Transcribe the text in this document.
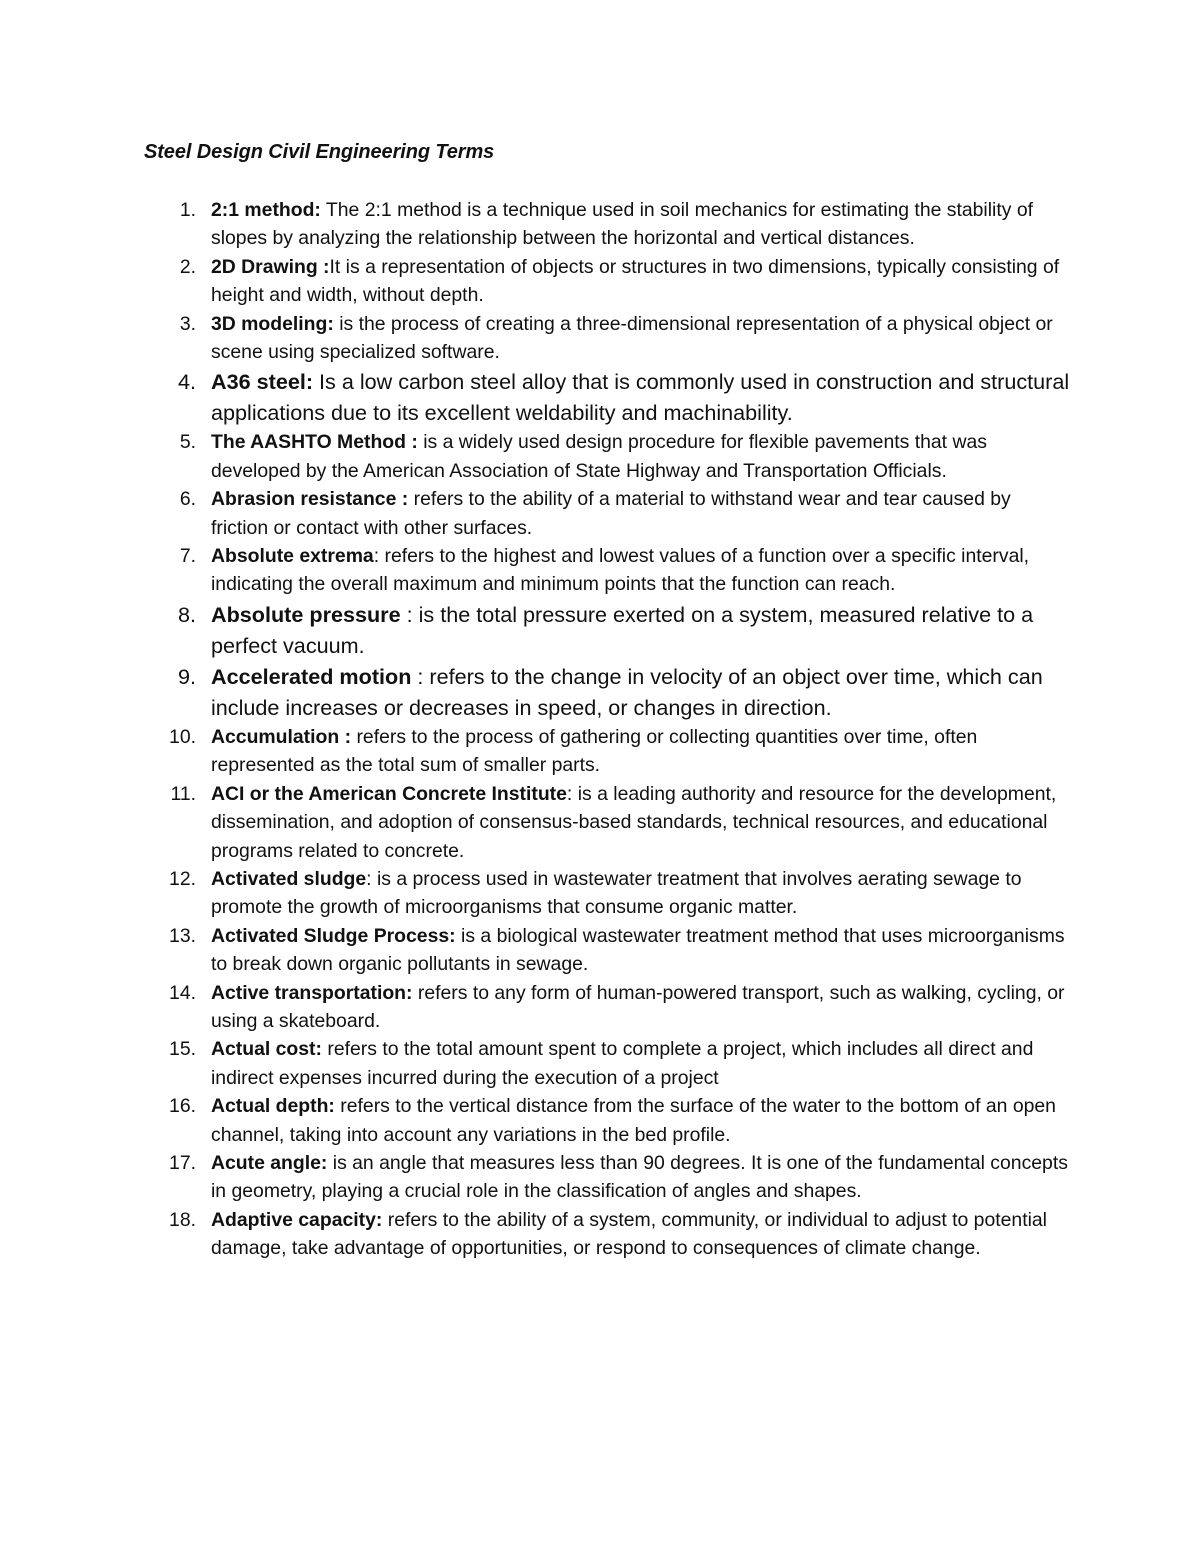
Steel Design Civil Engineering Terms
1. 2:1 method: The 2:1 method is a technique used in soil mechanics for estimating the stability of slopes by analyzing the relationship between the horizontal and vertical distances.
2. 2D Drawing :It is a representation of objects or structures in two dimensions, typically consisting of height and width, without depth.
3. 3D modeling: is the process of creating a three-dimensional representation of a physical object or scene using specialized software.
4. A36 steel: Is a low carbon steel alloy that is commonly used in construction and structural applications due to its excellent weldability and machinability.
5. The AASHTO Method : is a widely used design procedure for flexible pavements that was developed by the American Association of State Highway and Transportation Officials.
6. Abrasion resistance : refers to the ability of a material to withstand wear and tear caused by friction or contact with other surfaces.
7. Absolute extrema: refers to the highest and lowest values of a function over a specific interval, indicating the overall maximum and minimum points that the function can reach.
8. Absolute pressure : is the total pressure exerted on a system, measured relative to a perfect vacuum.
9. Accelerated motion : refers to the change in velocity of an object over time, which can include increases or decreases in speed, or changes in direction.
10. Accumulation : refers to the process of gathering or collecting quantities over time, often represented as the total sum of smaller parts.
11. ACI or the American Concrete Institute: is a leading authority and resource for the development, dissemination, and adoption of consensus-based standards, technical resources, and educational programs related to concrete.
12. Activated sludge: is a process used in wastewater treatment that involves aerating sewage to promote the growth of microorganisms that consume organic matter.
13. Activated Sludge Process: is a biological wastewater treatment method that uses microorganisms to break down organic pollutants in sewage.
14. Active transportation: refers to any form of human-powered transport, such as walking, cycling, or using a skateboard.
15. Actual cost: refers to the total amount spent to complete a project, which includes all direct and indirect expenses incurred during the execution of a project
16. Actual depth: refers to the vertical distance from the surface of the water to the bottom of an open channel, taking into account any variations in the bed profile.
17. Acute angle: is an angle that measures less than 90 degrees. It is one of the fundamental concepts in geometry, playing a crucial role in the classification of angles and shapes.
18. Adaptive capacity: refers to the ability of a system, community, or individual to adjust to potential damage, take advantage of opportunities, or respond to consequences of climate change.
